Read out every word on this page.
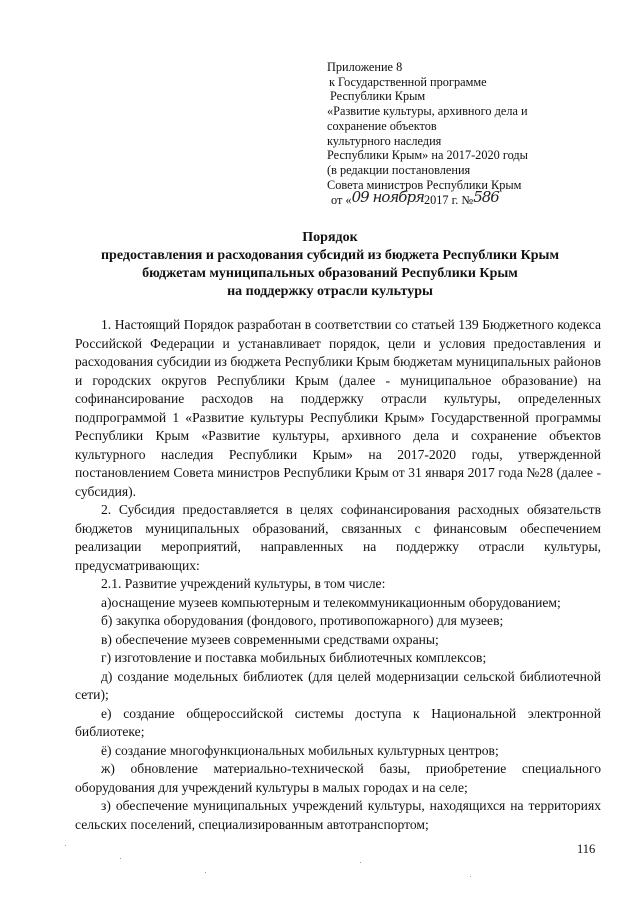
Приложение 8
к Государственной программе
Республики Крым
«Развитие культуры, архивного дела и
сохранение объектов
культурного наследия
Республики Крым» на 2017-2020 годы
(в редакции постановления
Совета министров Республики Крым
от «09 ноября2017 г. №586
Порядок
предоставления и расходования субсидий из бюджета Республики Крым
бюджетам муниципальных образований Республики Крым
на поддержку отрасли культуры

1. Настоящий Порядок разработан в соответствии со статьей 139 Бюджетного кодекса Российской Федерации и устанавливает порядок, цели и условия предоставления и расходования субсидии из бюджета Республики Крым бюджетам муниципальных районов и городских округов Республики Крым (далее - муниципальное образование) на софинансирование расходов на поддержку отрасли культуры, определенных подпрограммой 1 «Развитие культуры Республики Крым» Государственной программы Республики Крым «Развитие культуры, архивного дела и сохранение объектов культурного наследия Республики Крым» на 2017-2020 годы, утвержденной постановлением Совета министров Республики Крым от 31 января 2017 года №28 (далее - субсидия).

2. Субсидия предоставляется в целях софинансирования расходных обязательств бюджетов муниципальных образований, связанных с финансовым обеспечением реализации мероприятий, направленных на поддержку отрасли культуры, предусматривающих:

2.1. Развитие учреждений культуры, в том числе:

а)оснащение музеев компьютерным и телекоммуникационным оборудованием;

б) закупка оборудования (фондового, противопожарного) для музеев;

в) обеспечение музеев современными средствами охраны;

г) изготовление и поставка мобильных библиотечных комплексов;

д) создание модельных библиотек (для целей модернизации сельской библиотечной сети);

е) создание общероссийской системы доступа к Национальной электронной библиотеке;

ё) создание многофункциональных мобильных культурных центров;

ж) обновление материально-технической базы, приобретение специального оборудования для учреждений культуры в малых городах и на селе;

з) обеспечение муниципальных учреждений культуры, находящихся на территориях сельских поселений, специализированным автотранспортом;

116
